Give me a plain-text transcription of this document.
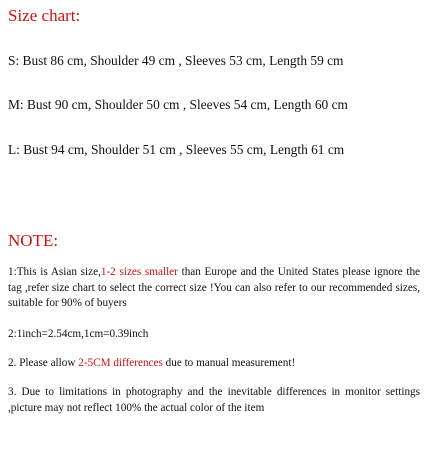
Size chart:
S: Bust 86 cm, Shoulder 49 cm , Sleeves 53 cm, Length 59 cm
M: Bust 90 cm, Shoulder 50 cm , Sleeves 54 cm, Length 60 cm
L: Bust 94 cm, Shoulder 51 cm , Sleeves 55 cm, Length 61 cm
NOTE:
1:This is Asian size,1-2 sizes smaller than Europe and the United States please ignore the tag ,refer size chart to select the correct size !You can also refer to our recommended sizes, suitable for 90% of buyers
2:1inch=2.54cm,1cm=0.39inch
2. Please allow 2-5CM differences due to manual measurement!
3. Due to limitations in photography and the inevitable differences in monitor settings ,picture may not reflect 100% the actual color of the item
